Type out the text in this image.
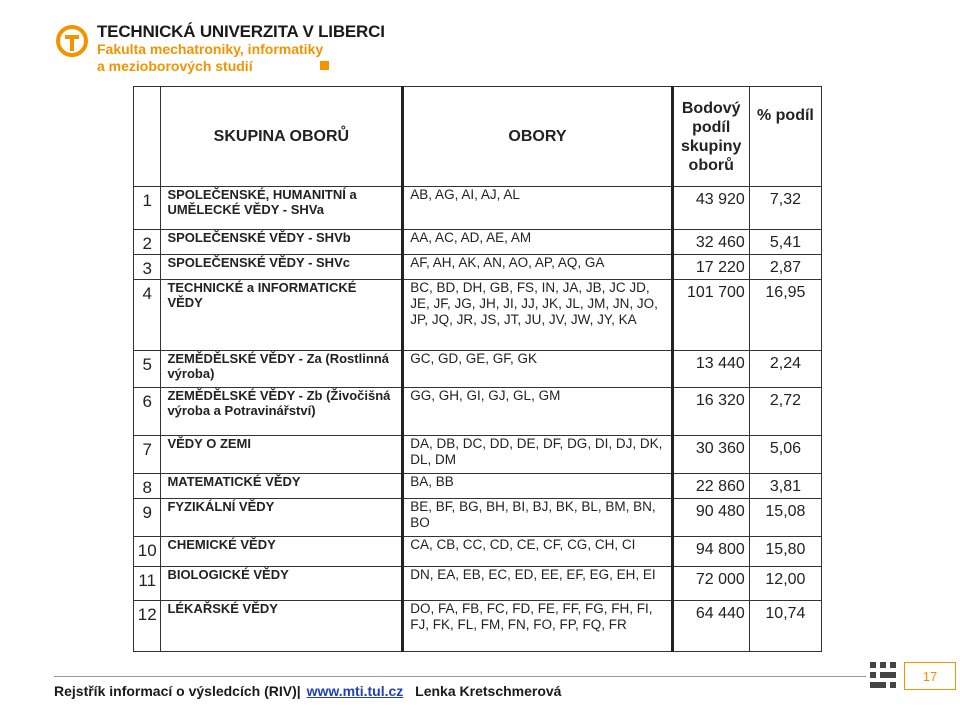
TECHNICKÁ UNIVERZITA V LIBERCI
Fakulta mechatroniky, informatiky
a mezioborových studií
	SKUPINA OBORŮ	OBORY	Bodový podíl skupiny oborů	% podíl
1	SPOLEČENSKÉ, HUMANITNÍ a UMĚLECKÉ VĚDY - SHVa	AB, AG, AI, AJ, AL	43 920	7,32
2	SPOLEČENSKÉ VĚDY - SHVb	AA, AC, AD, AE, AM	32 460	5,41
3	SPOLEČENSKÉ VĚDY - SHVc	AF, AH, AK, AN, AO, AP, AQ, GA	17 220	2,87
4	TECHNICKÉ a INFORMATICKÉ VĚDY	BC, BD, DH, GB, FS, IN, JA, JB, JC JD, JE, JF, JG, JH, JI, JJ, JK, JL, JM, JN, JO, JP, JQ, JR, JS, JT, JU, JV, JW, JY, KA	101 700	16,95
5	ZEMĚDĚLSKÉ VĚDY - Za (Rostlinná výroba)	GC, GD, GE, GF, GK	13 440	2,24
6	ZEMĚDĚLSKÉ VĚDY - Zb (Živočišná výroba a Potravinářství)	GG, GH, GI, GJ, GL, GM	16 320	2,72
7	VĚDY O ZEMI	DA, DB, DC, DD, DE, DF, DG, DI, DJ, DK, DL, DM	30 360	5,06
8	MATEMATICKÉ VĚDY	BA, BB	22 860	3,81
9	FYZIKÁLNÍ VĚDY	BE, BF, BG, BH, BI, BJ, BK, BL, BM, BN, BO	90 480	15,08
10	CHEMICKÉ VĚDY	CA, CB, CC, CD, CE, CF, CG, CH, CI	94 800	15,80
11	BIOLOGICKÉ VĚDY	DN, EA, EB, EC, ED, EE, EF, EG, EH, EI	72 000	12,00
12	LÉKAŘSKÉ VĚDY	DO, FA, FB, FC, FD, FE, FF, FG, FH, FI, FJ, FK, FL, FM, FN, FO, FP, FQ, FR	64 440	10,74
Rejstřík informací o výsledcích (RIV)| www.mti.tul.cz Lenka Kretschmerová
17
